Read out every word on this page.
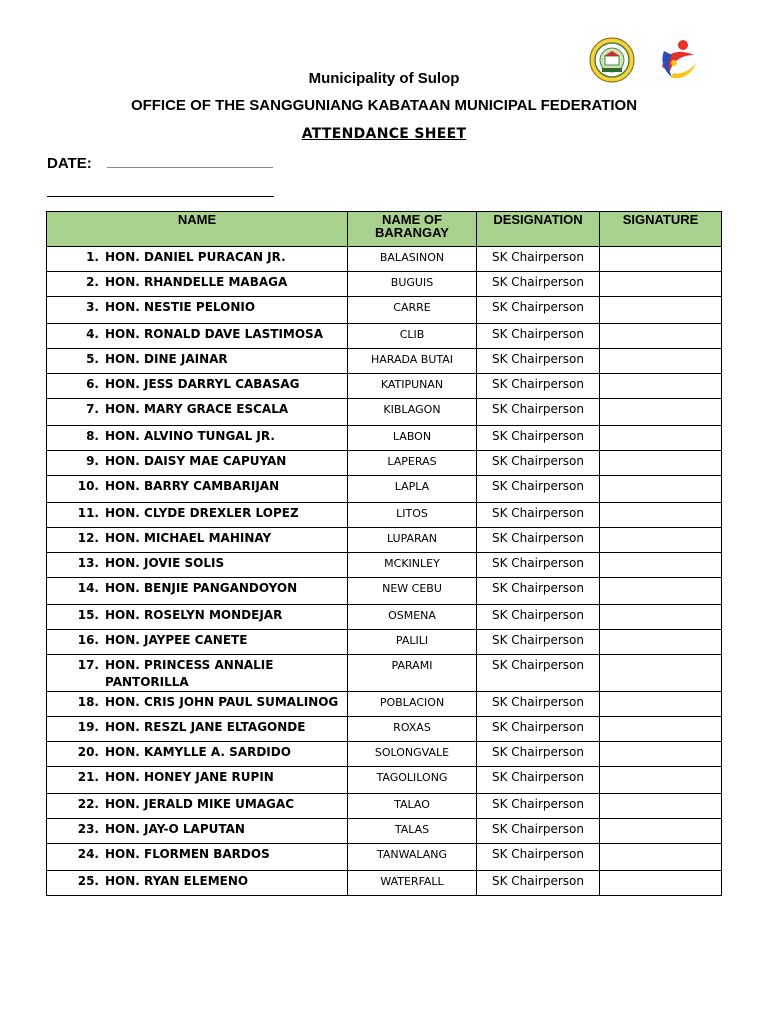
Municipality of Sulop
OFFICE OF THE SANGGUNIANG KABATAAN MUNICIPAL FEDERATION
ATTENDANCE SHEET
DATE:
NAME	NAME OF BARANGAY	DESIGNATION	SIGNATURE

1. HON. DANIEL PURACAN JR.	BALASINON	SK Chairperson	

2. HON. RHANDELLE MABAGA	BUGUIS	SK Chairperson	

3. HON. NESTIE PELONIO	CARRE	SK Chairperson	

4. HON. RONALD DAVE LASTIMOSA	CLIB	SK Chairperson	

5. HON. DINE JAINAR	HARADA BUTAI	SK Chairperson	

6. HON. JESS DARRYL CABASAG	KATIPUNAN	SK Chairperson	

7. HON. MARY GRACE ESCALA	KIBLAGON	SK Chairperson	

8. HON. ALVINO TUNGAL JR.	LABON	SK Chairperson	

9. HON. DAISY MAE CAPUYAN	LAPERAS	SK Chairperson	

10. HON. BARRY CAMBARIJAN	LAPLA	SK Chairperson	

11. HON. CLYDE DREXLER LOPEZ	LITOS	SK Chairperson	

12. HON. MICHAEL MAHINAY	LUPARAN	SK Chairperson	

13. HON. JOVIE SOLIS	MCKINLEY	SK Chairperson	

14. HON. BENJIE PANGANDOYON	NEW CEBU	SK Chairperson	

15. HON. ROSELYN MONDEJAR	OSMENA	SK Chairperson	

16. HON. JAYPEE CANETE	PALILI	SK Chairperson	

17. HON. PRINCESS ANNALIE PANTORILLA	PARAMI	SK Chairperson	

18. HON. CRIS JOHN PAUL SUMALINOG	POBLACION	SK Chairperson	

19. HON. RESZL JANE ELTAGONDE	ROXAS	SK Chairperson	

20. HON. KAMYLLE A. SARDIDO	SOLONGVALE	SK Chairperson	

21. HON. HONEY JANE RUPIN	TAGOLILONG	SK Chairperson	

22. HON. JERALD MIKE UMAGAC	TALAO	SK Chairperson	

23. HON. JAY-O LAPUTAN	TALAS	SK Chairperson	

24. HON. FLORMEN BARDOS	TANWALANG	SK Chairperson	

25. HON. RYAN ELEMENO	WATERFALL	SK Chairperson	
